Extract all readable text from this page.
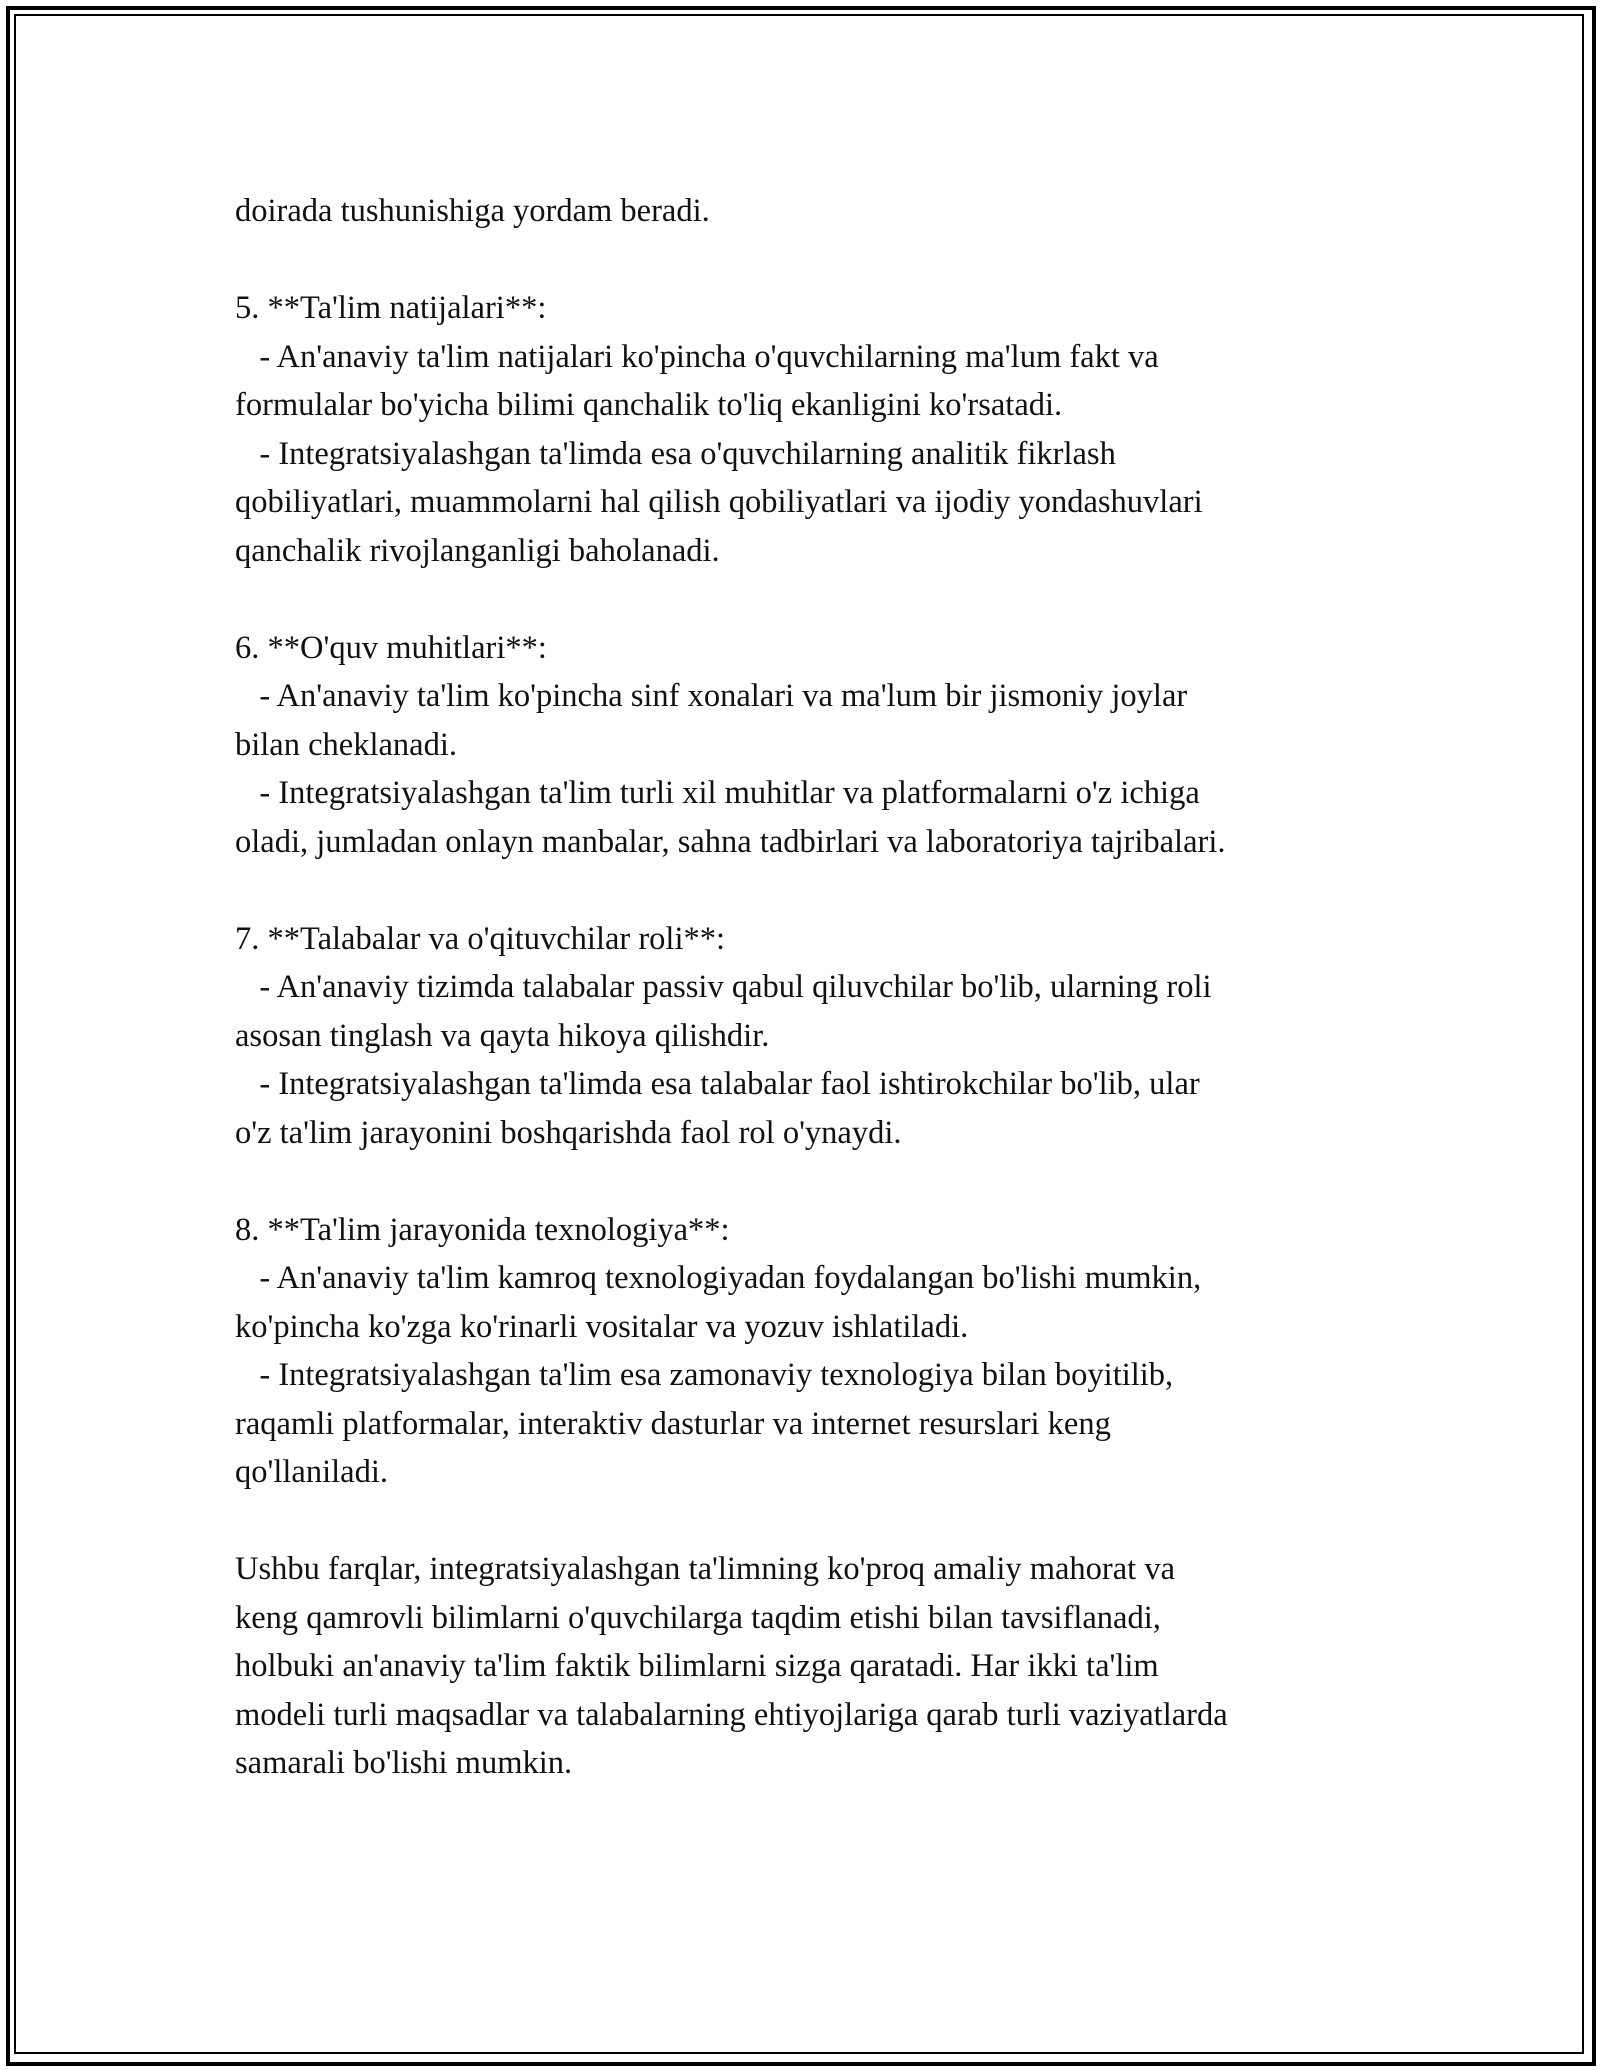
doirada tushunishiga yordam beradi.
5. **Ta'lim natijalari**:
- An'anaviy ta'lim natijalari ko'pincha o'quvchilarning ma'lum fakt va
formulalar bo'yicha bilimi qanchalik to'liq ekanligini ko'rsatadi.
- Integratsiyalashgan ta'limda esa o'quvchilarning analitik fikrlash
qobiliyatlari, muammolarni hal qilish qobiliyatlari va ijodiy yondashuvlari
qanchalik rivojlanganligi baholanadi.
6. **O'quv muhitlari**:
- An'anaviy ta'lim ko'pincha sinf xonalari va ma'lum bir jismoniy joylar
bilan cheklanadi.
- Integratsiyalashgan ta'lim turli xil muhitlar va platformalarni o'z ichiga
oladi, jumladan onlayn manbalar, sahna tadbirlari va laboratoriya tajribalari.
7. **Talabalar va o'qituvchilar roli**:
- An'anaviy tizimda talabalar passiv qabul qiluvchilar bo'lib, ularning roli
asosan tinglash va qayta hikoya qilishdir.
- Integratsiyalashgan ta'limda esa talabalar faol ishtirokchilar bo'lib, ular
o'z ta'lim jarayonini boshqarishda faol rol o'ynaydi.
8. **Ta'lim jarayonida texnologiya**:
- An'anaviy ta'lim kamroq texnologiyadan foydalangan bo'lishi mumkin,
ko'pincha ko'zga ko'rinarli vositalar va yozuv ishlatiladi.
- Integratsiyalashgan ta'lim esa zamonaviy texnologiya bilan boyitilib,
raqamli platformalar, interaktiv dasturlar va internet resurslari keng
qo'llaniladi.
Ushbu farqlar, integratsiyalashgan ta'limning ko'proq amaliy mahorat va
keng qamrovli bilimlarni o'quvchilarga taqdim etishi bilan tavsiflanadi,
holbuki an'anaviy ta'lim faktik bilimlarni sizga qaratadi. Har ikki ta'lim
modeli turli maqsadlar va talabalarning ehtiyojlariga qarab turli vaziyatlarda
samarali bo'lishi mumkin.
